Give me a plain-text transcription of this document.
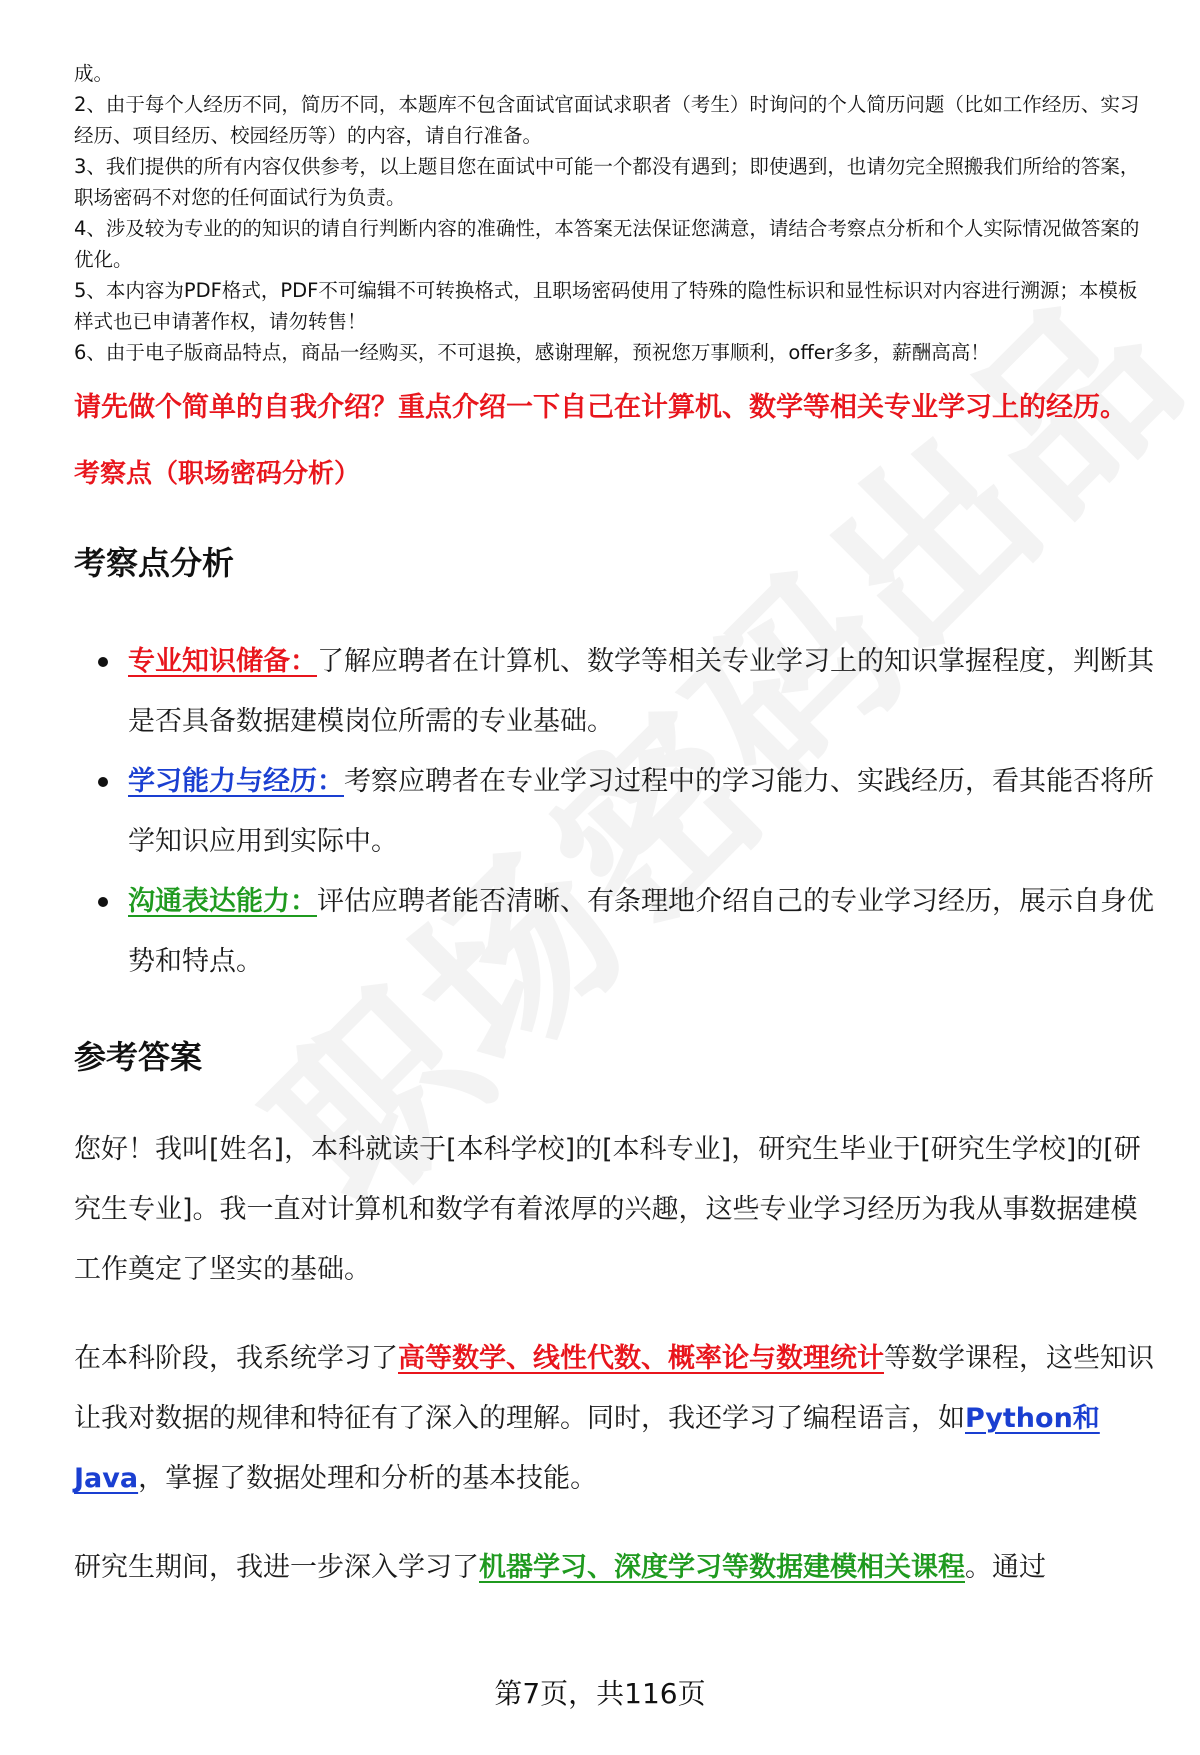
成。

2、由于每个人经历不同，简历不同，本题库不包含面试官面试求职者（考生）时询问的个人简历问题（比如工作经历、实习经历、项目经历、校园经历等）的内容，请自行准备。

3、我们提供的所有内容仅供参考，以上题目您在面试中可能一个都没有遇到；即使遇到，也请勿完全照搬我们所给的答案，职场密码不对您的任何面试行为负责。

4、涉及较为专业的的知识的请自行判断内容的准确性，本答案无法保证您满意，请结合考察点分析和个人实际情况做答案的优化。

5、本内容为PDF格式，PDF不可编辑不可转换格式，且职场密码使用了特殊的隐性标识和显性标识对内容进行溯源；本模板样式也已申请著作权，请勿转售！

6、由于电子版商品特点，商品一经购买，不可退换，感谢理解，预祝您万事顺利，offer多多，薪酬高高！

请先做个简单的自我介绍？重点介绍一下自己在计算机、数学等相关专业学习上的经历。
考察点（职场密码分析）
考察点分析
专业知识储备：了解应聘者在计算机、数学等相关专业学习上的知识掌握程度，判断其是否具备数据建模岗位所需的专业基础。
学习能力与经历：考察应聘者在专业学习过程中的学习能力、实践经历，看其能否将所学知识应用到实际中。
沟通表达能力：评估应聘者能否清晰、有条理地介绍自己的专业学习经历，展示自身优势和特点。
参考答案

您好！我叫[姓名]，本科就读于[本科学校]的[本科专业]，研究生毕业于[研究生学校]的[研究生专业]。我一直对计算机和数学有着浓厚的兴趣，这些专业学习经历为我从事数据建模工作奠定了坚实的基础。

在本科阶段，我系统学习了高等数学、线性代数、概率论与数理统计等数学课程，这些知识让我对数据的规律和特征有了深入的理解。同时，我还学习了编程语言，如Python和Java，掌握了数据处理和分析的基本技能。

研究生期间，我进一步深入学习了机器学习、深度学习等数据建模相关课程。通过

第7页，共116页
